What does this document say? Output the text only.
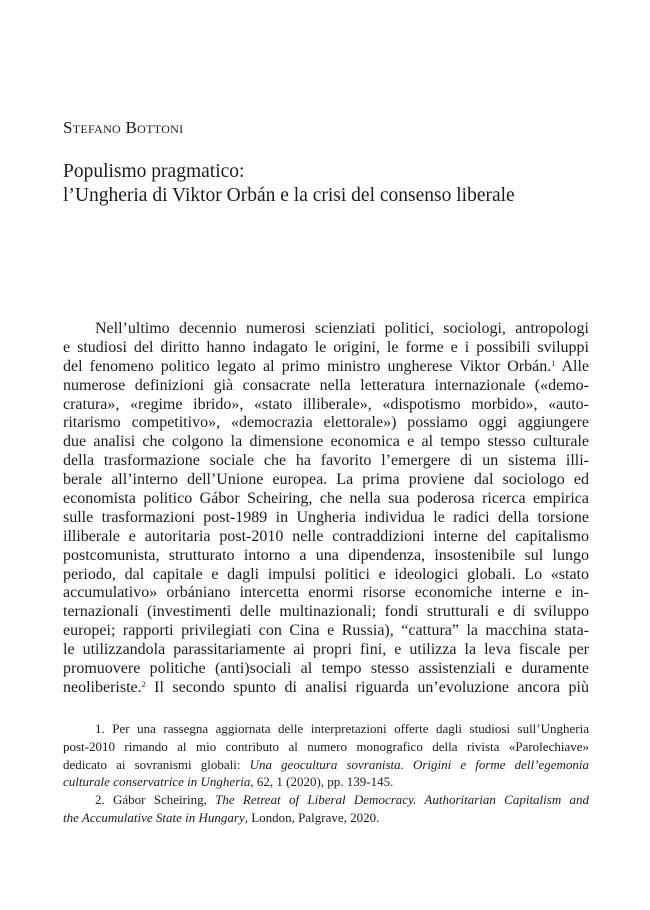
Stefano Bottoni
Populismo pragmatico:
l’Ungheria di Viktor Orbán e la crisi del consenso liberale
Nell’ultimo decennio numerosi scienziati politici, sociologi, antropologi
e studiosi del diritto hanno indagato le origini, le forme e i possibili sviluppi
del fenomeno politico legato al primo ministro ungherese Viktor Orbán.$^1$ Alle
numerose definizioni già consacrate nella letteratura internazionale («demo-
cratura», «regime ibrido», «stato illiberale», «dispotismo morbido», «auto-
ritarismo competitivo», «democrazia elettorale») possiamo oggi aggiungere
due analisi che colgono la dimensione economica e al tempo stesso culturale
della trasformazione sociale che ha favorito l’emergere di un sistema illi-
berale all’interno dell’Unione europea. La prima proviene dal sociologo ed
economista politico Gábor Scheiring, che nella sua poderosa ricerca empirica
sulle trasformazioni post-1989 in Ungheria individua le radici della torsione
illiberale e autoritaria post-2010 nelle contraddizioni interne del capitalismo
postcomunista, strutturato intorno a una dipendenza, insostenibile sul lungo
periodo, dal capitale e dagli impulsi politici e ideologici globali. Lo «stato
accumulativo» orbániano intercetta enormi risorse economiche interne e in-
ternazionali (investimenti delle multinazionali; fondi strutturali e di sviluppo
europei; rapporti privilegiati con Cina e Russia), “cattura” la macchina stata-
le utilizzandola parassitariamente ai propri fini, e utilizza la leva fiscale per
promuovere politiche (anti)sociali al tempo stesso assistenziali e duramente
neoliberiste.$^2$ Il secondo spunto di analisi riguarda un’evoluzione ancora più
1. Per una rassegna aggiornata delle interpretazioni offerte dagli studiosi sull’Ungheria
post-2010 rimando al mio contributo al numero monografico della rivista «Parolechiave»
dedicato ai sovranismi globali: Una geocultura sovranista. Origini e forme dell’egemonia
culturale conservatrice in Ungheria, 62, 1 (2020), pp. 139-145.
2. Gábor Scheiring, The Retreat of Liberal Democracy. Authoritarian Capitalism and
the Accumulative State in Hungary, London, Palgrave, 2020.
